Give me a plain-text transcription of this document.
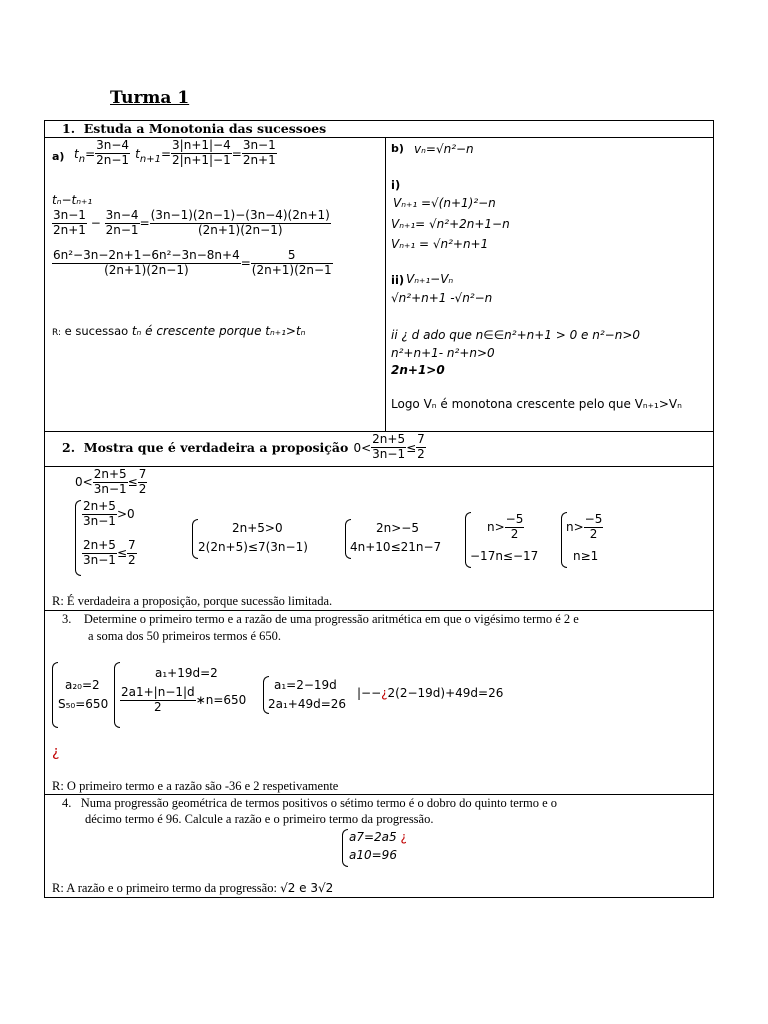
Turma 1
1.  Estuda a Monotonia das sucessoes
a) $t_n= \frac{3n-4}{2n-1} t_{n+1}= \frac{3|n+1|-4}{2|n+1|-1} = \frac{3n-1}{2n+1}$
tₙ−tₙ₊₁
$\frac{3n-1}{2n+1} - \frac{3n-4}{2n-1} = \frac{(3n-1)(2n-1)-(3n-4)(2n+1)}{(2n+1)(2n-1)}$
$\frac{\text{6n²−3n−2n+1−6n²−3n−8n+4}}{(2n+1)(2n-1)} = \frac{5}{(2n+1)(2n-1}$
R: e sucessao tₙ é crescente porque tₙ₊₁>tₙ
b) vₙ=√n²−n
i)
Vₙ₊₁ =√(n+1)²−n
Vₙ₊₁= √n²+2n+1−n
Vₙ₊₁ = √n²+n+1
ii) Vₙ₊₁−Vₙ
√n²+n+1 -√n²−n
ii ¿ d ado que n∈∈n²+n+1 > 0 e n²−n>0
n²+n+1- n²+n>0
2n+1>0
Logo Vₙ é monotona crescente pelo que Vₙ₊₁>Vₙ
2.  Mostra que é verdadeira a proposição $0< \frac{2n+5}{3n-1} \le \frac{7}{2}$
$0< \frac{2n+5}{3n-1} \le \frac{7}{2}$
$\frac{2n+5}{3n-1} >0$
$\frac{2n+5}{3n-1} \le \frac{7}{2}$
2n+5>0
2(2n+5)≤7(3n−1)
2n>−5
4n+10≤21n−7
$n> \frac{-5}{2}$
−17n≤−17
$n> \frac{-5}{2}$
n≥1
R: É verdadeira a proposição, porque sucessão limitada.
3.    Determine o primeiro termo e a razão de uma progressão aritmética em que o vigésimo termo é 2 e
a soma dos 50 primeiros termos é 650.
a₂₀=2
S₅₀=650
a₁+19d=2
$\frac{2a1+|n-1|d}{2}$ ∗n=650
a₁=2−19d
2a₁+49d=26
|−−¿2(2−19d)+49d=26
¿
R: O primeiro termo e a razão são -36 e 2 respetivamente
4.   Numa progressão geométrica de termos positivos o sétimo termo é o dobro do quinto termo e o
décimo termo é 96. Calcule a razão e o primeiro termo da progressão.
a7=2a5 ¿
a10=96
R: A razão e o primeiro termo da progressão: √2 e 3√2
